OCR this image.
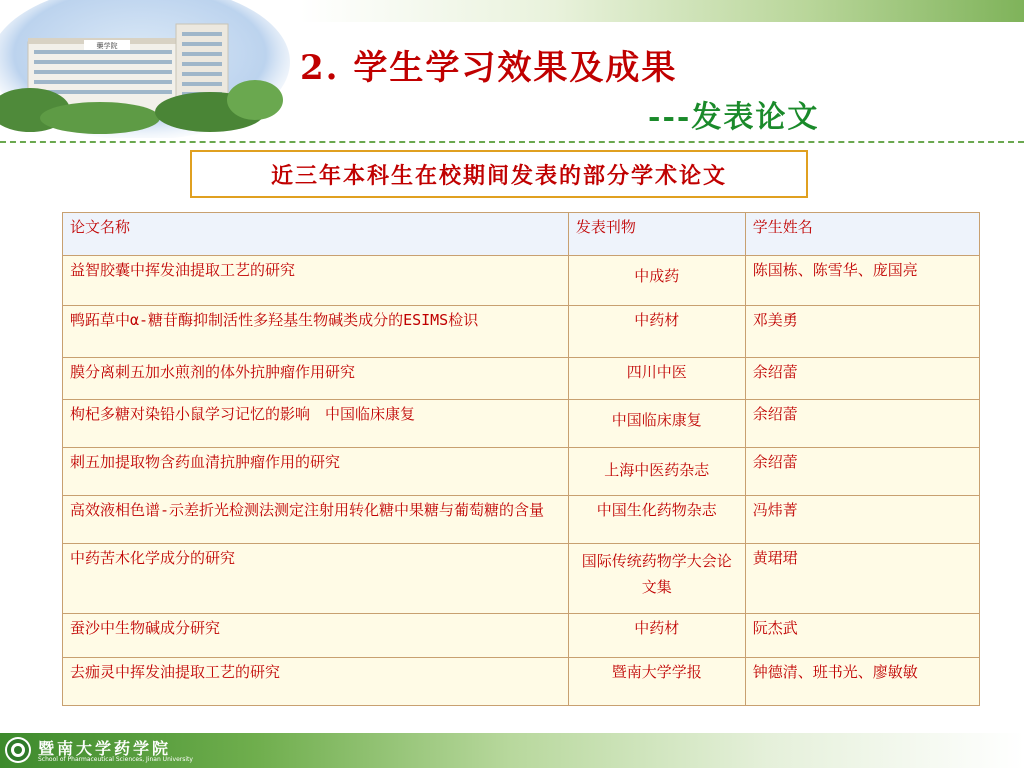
藥学院
2. 学生学习效果及成果
---发表论文
近三年本科生在校期间发表的部分学术论文
论文名称	发表刊物	学生姓名
益智胶囊中挥发油提取工艺的研究	中成药	陈国栋、陈雪华、庞国亮

鸭跖草中α-糖苷酶抑制活性多羟基生物碱类成分的ESIMS检识	中药材	邓美勇
膜分离刺五加水煎剂的体外抗肿瘤作用研究	四川中医	余绍蕾
枸杞多糖对染铅小鼠学习记忆的影响　中国临床康复	中国临床康复	余绍蕾
刺五加提取物含药血清抗肿瘤作用的研究	上海中医药杂志	余绍蕾

高效液相色谱-示差折光检测法测定注射用转化糖中果糖与葡萄糖的含量	中国生化药物杂志	冯炜菁
中药苦木化学成分的研究	国际传统药物学大会论文集	黄珺珺
蚕沙中生物碱成分研究	中药材	阮杰武
去痂灵中挥发油提取工艺的研究	暨南大学学报	钟德清、班书光、廖敏敏
暨南大学药学院
School of Pharmaceutical Sciences, Jinan University
